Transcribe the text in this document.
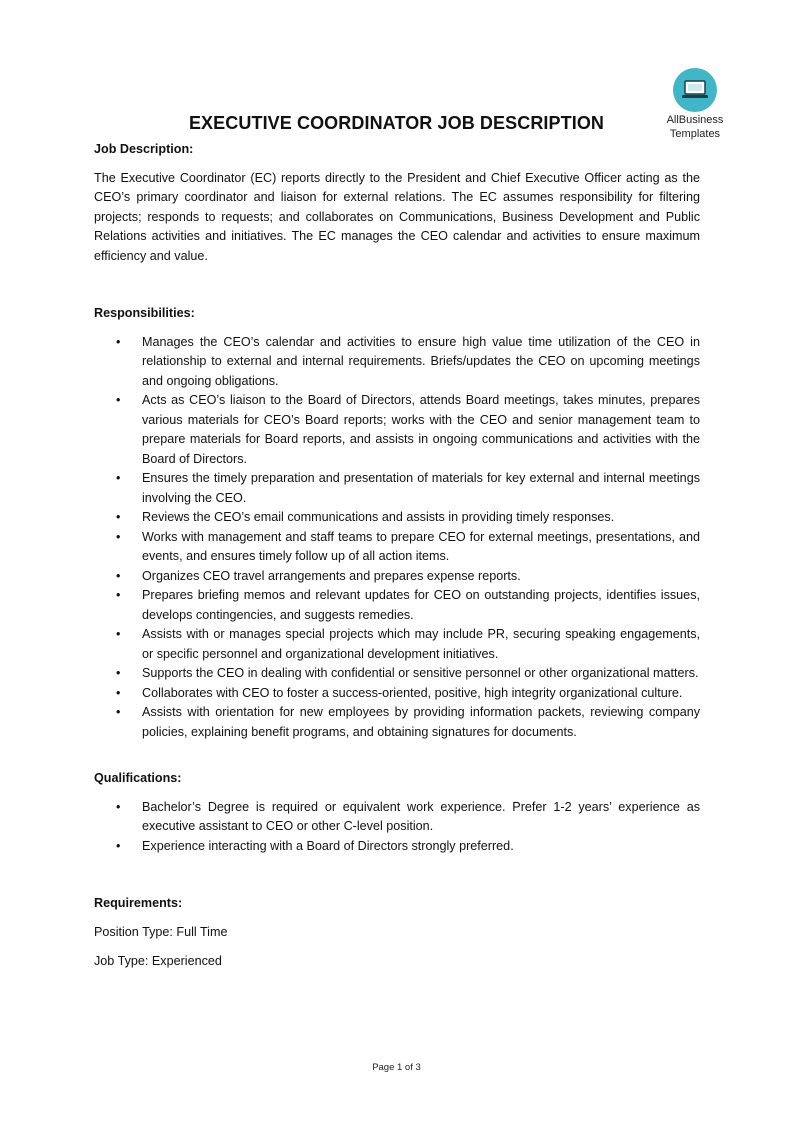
AllBusiness
Templates
EXECUTIVE COORDINATOR JOB DESCRIPTION

Job Description:

The Executive Coordinator (EC) reports directly to the President and Chief Executive Officer acting as the CEO’s primary coordinator and liaison for external relations. The EC assumes responsibility for filtering projects; responds to requests; and collaborates on Communications, Business Development and Public Relations activities and initiatives. The EC manages the CEO calendar and activities to ensure maximum efficiency and value.

Responsibilities:

• Manages the CEO’s calendar and activities to ensure high value time utilization of the CEO in relationship to external and internal requirements. Briefs/updates the CEO on upcoming meetings and ongoing obligations.
• Acts as CEO’s liaison to the Board of Directors, attends Board meetings, takes minutes, prepares various materials for CEO’s Board reports; works with the CEO and senior management team to prepare materials for Board reports, and assists in ongoing communications and activities with the Board of Directors.
• Ensures the timely preparation and presentation of materials for key external and internal meetings involving the CEO.
• Reviews the CEO’s email communications and assists in providing timely responses.
• Works with management and staff teams to prepare CEO for external meetings, presentations, and events, and ensures timely follow up of all action items.
• Organizes CEO travel arrangements and prepares expense reports.
• Prepares briefing memos and relevant updates for CEO on outstanding projects, identifies issues, develops contingencies, and suggests remedies.
• Assists with or manages special projects which may include PR, securing speaking engagements, or specific personnel and organizational development initiatives.
• Supports the CEO in dealing with confidential or sensitive personnel or other organizational matters.
• Collaborates with CEO to foster a success-oriented, positive, high integrity organizational culture.
• Assists with orientation for new employees by providing information packets, reviewing company policies, explaining benefit programs, and obtaining signatures for documents.

Qualifications:

• Bachelor’s Degree is required or equivalent work experience. Prefer 1-2 years’ experience as executive assistant to CEO or other C-level position.
• Experience interacting with a Board of Directors strongly preferred.

Requirements:

Position Type: Full Time

Job Type: Experienced

Page 1 of 3
